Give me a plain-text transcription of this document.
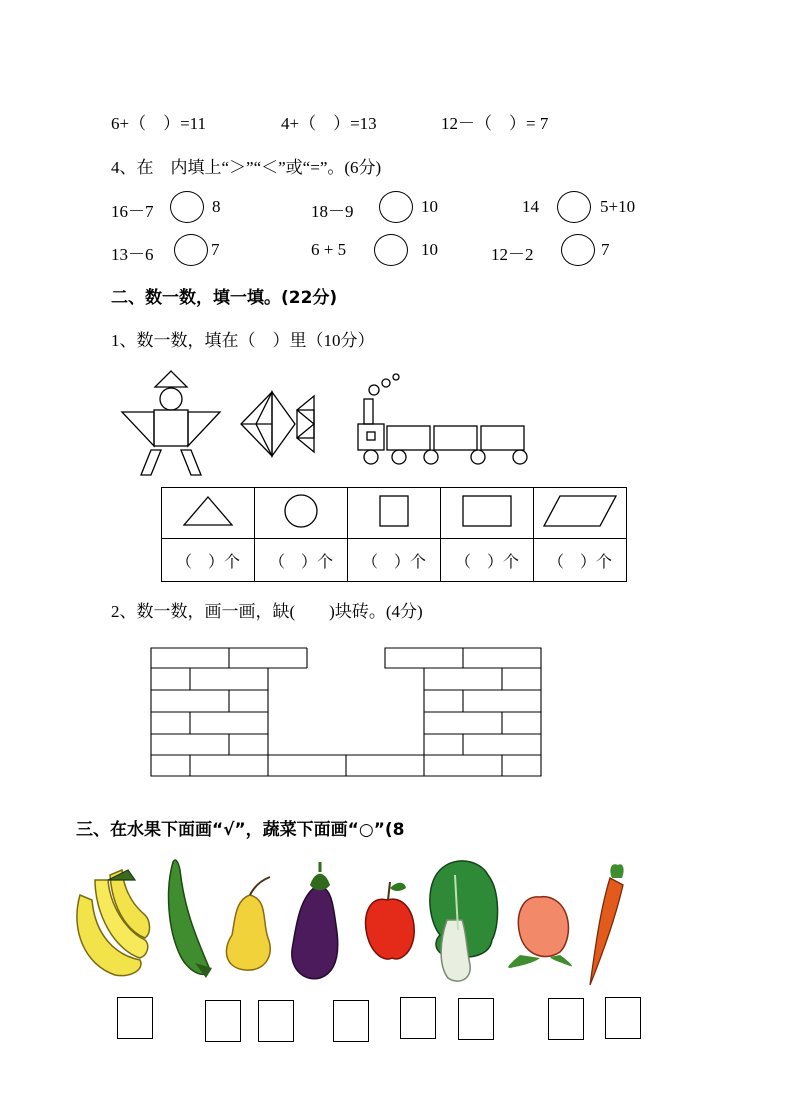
6+（　）=11	4+（　）=13	12－（　）= 7
4、在　内填上“＞”“＜”或“=”。(6分)
16－7	8	18－9	10	14	5+10
13－6	7	6 + 5	10	12－2	7
二、数一数，填一填。(22分)
1、数一数，填在（　）里（10分）

（　）个	（　）个	（　）个	（　）个	（　）个
2、数一数，画一画，缺(　　)块砖。(4分)
三、在水果下面画“√”，蔬菜下面画“○”(8
